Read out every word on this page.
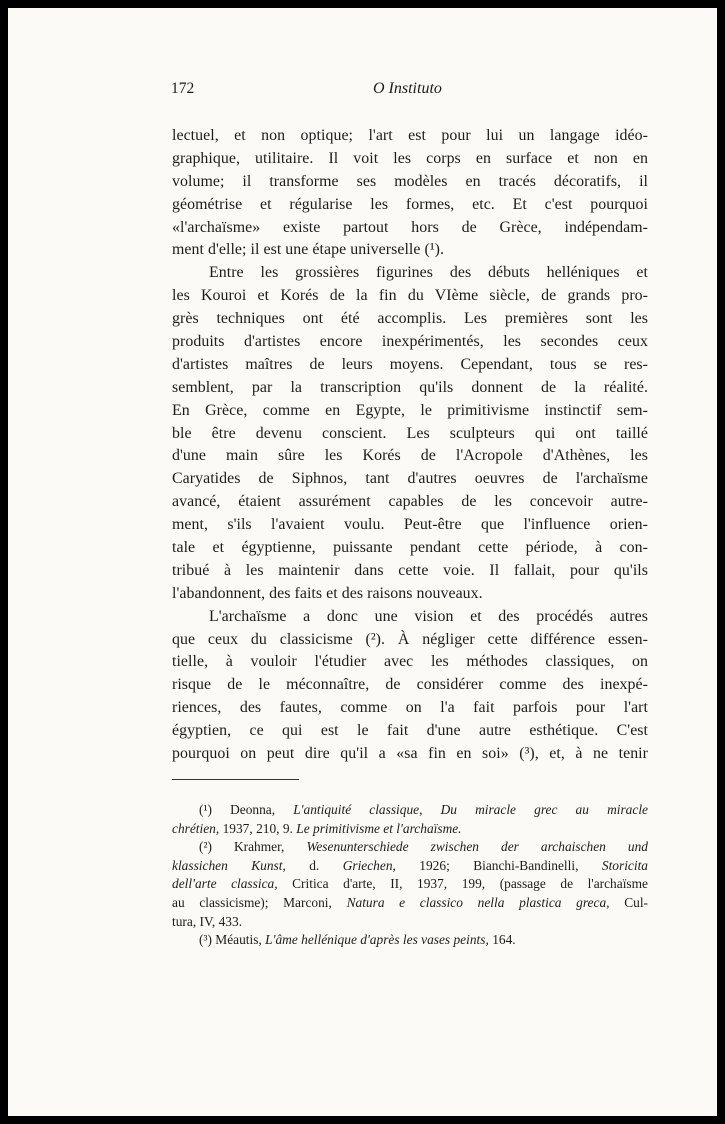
172	O Instituto
lectuel, et non optique; l'art est pour lui un langage idéo-
graphique, utilitaire. Il voit les corps en surface et non en
volume; il transforme ses modèles en tracés décoratifs, il
géométrise et régularise les formes, etc. Et c'est pourquoi
«l'archaïsme» existe partout hors de Grèce, indépendam-
ment d'elle; il est une étape universelle (¹).
Entre les grossières figurines des débuts helléniques et
les Kouroi et Korés de la fin du VIème siècle, de grands pro-
grès techniques ont été accomplis. Les premières sont les
produits d'artistes encore inexpérimentés, les secondes ceux
d'artistes maîtres de leurs moyens. Cependant, tous se res-
semblent, par la transcription qu'ils donnent de la réalité.
En Grèce, comme en Egypte, le primitivisme instinctif sem-
ble être devenu conscient. Les sculpteurs qui ont taillé
d'une main sûre les Korés de l'Acropole d'Athènes, les
Caryatides de Siphnos, tant d'autres oeuvres de l'archaïsme
avancé, étaient assurément capables de les concevoir autre-
ment, s'ils l'avaient voulu. Peut-être que l'influence orien-
tale et égyptienne, puissante pendant cette période, à con-
tribué à les maintenir dans cette voie. Il fallait, pour qu'ils
l'abandonnent, des faits et des raisons nouveaux.
L'archaïsme a donc une vision et des procédés autres
que ceux du classicisme (²). À négliger cette différence essen-
tielle, à vouloir l'étudier avec les méthodes classiques, on
risque de le méconnaître, de considérer comme des inexpé-
riences, des fautes, comme on l'a fait parfois pour l'art
égyptien, ce qui est le fait d'une autre esthétique. C'est
pourquoi on peut dire qu'il a «sa fin en soi» (³), et, à ne tenir
(¹) Deonna, L'antiquité classique, Du miracle grec au miracle
chrétien, 1937, 210, 9. Le primitivisme et l'archaïsme.
(²) Krahmer, Wesenunterschiede zwischen der archaischen und
klassichen Kunst, d. Griechen, 1926; Bianchi-Bandinelli, Storicita
dell'arte classica, Critica d'arte, II, 1937, 199, (passage de l'archaïsme
au classicisme); Marconi, Natura e classico nella plastica greca, Cul-
tura, IV, 433.
(³) Méautis, L'âme hellénique d'après les vases peints, 164.
